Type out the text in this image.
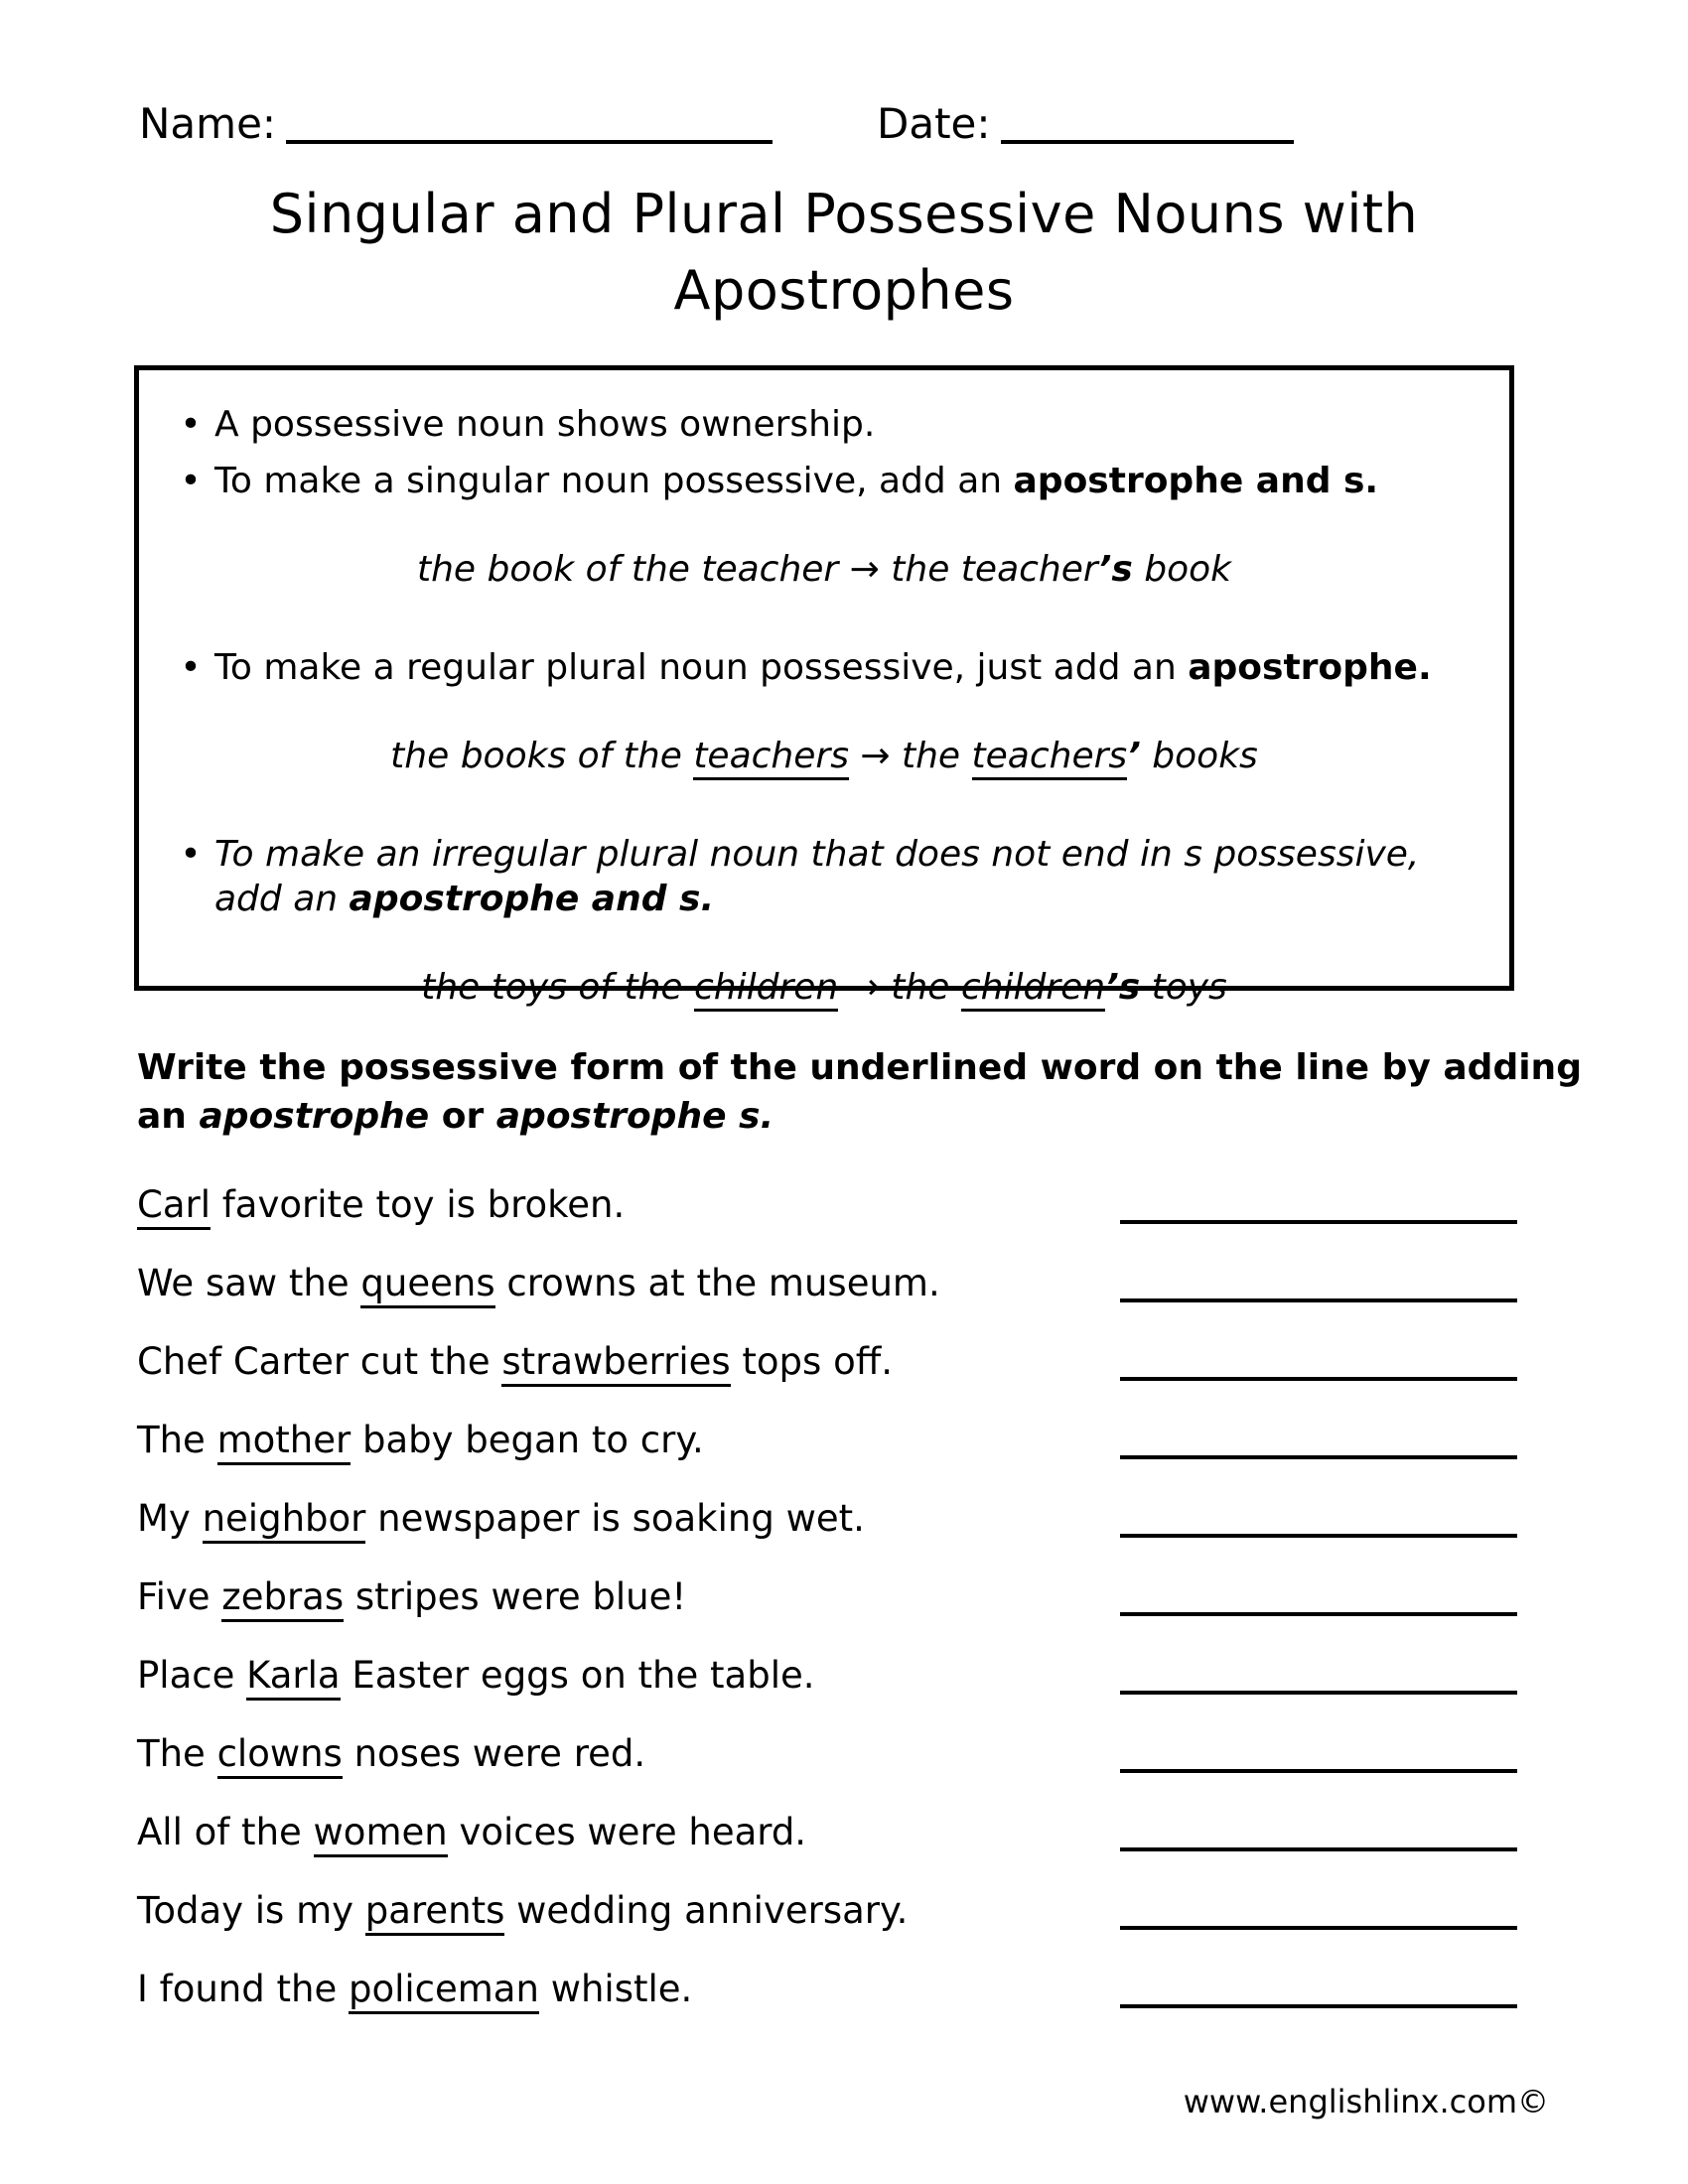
Name:	Date:
Singular and Plural Possessive Nouns with
Apostrophes
• A possessive noun shows ownership.
• To make a singular noun possessive, add an apostrophe and s.
the book of the teacher → the teacher’s book
• To make a regular plural noun possessive, just add an apostrophe.
the books of the teachers → the teachers’ books
• To make an irregular plural noun that does not end in s possessive, add an apostrophe and s.
the toys of the children → the children’s toys
Write the possessive form of the underlined word on the line by adding an apostrophe or apostrophe s.
Carl favorite toy is broken.
We saw the queens crowns at the museum.
Chef Carter cut the strawberries tops off.
The mother baby began to cry.
My neighbor newspaper is soaking wet.
Five zebras stripes were blue!
Place Karla Easter eggs on the table.
The clowns noses were red.
All of the women voices were heard.
Today is my parents wedding anniversary.
I found the policeman whistle.
www.englishlinx.com©
